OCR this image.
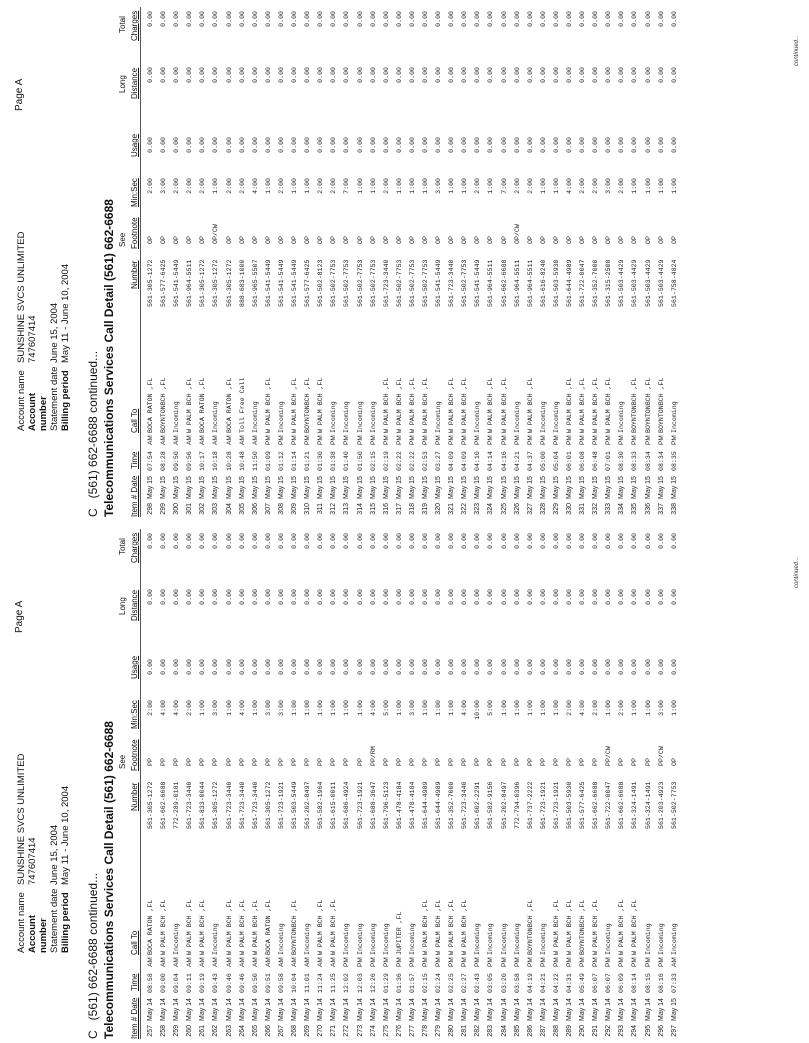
Account name
SUNSHINE SVCS UNLIMITED
Account number
747607414
Statement date
June 15, 2004
Billing period
May 11 - June 10, 2004
Page A
C(561) 662-6688 continued... Telecommunications Services Call Detail (561) 662-6688 See
Long
Total
Item # Date
Time
Call To
Number
Footnote
Min:Sec
Usage
Distance
Charges
257
May 14
08:58
AM
BOCA RATON ,FL
561-305-1272
PP
2:00
0.00
0.00
0.00
258
May 14
09:00
AM
W PALM BCH ,FL
561-662-6688
PP
4:00
0.00
0.00
0.00
259
May 14
09:04
AM
Incoming
772-289-0181
PP
4:00
0.00
0.00
0.00
260
May 14
09:11
AM
W PALM BCH ,FL
561-723-3440
PP
2:00
0.00
0.00
0.00
261
May 14
09:19
AM
W PALM BCH ,FL
561-833-0044
PP
1:00
0.00
0.00
0.00
262
May 14
09:43
AM
Incoming
561-305-1272
PP
3:00
0.00
0.00
0.00
263
May 14
09:46
AM
W PALM BCH ,FL
561-723-3440
PP
1:00
0.00
0.00
0.00
264
May 14
09:46
AM
W PALM BCH ,FL
561-723-3440
PP
4:00
0.00
0.00
0.00
265
May 14
09:50
AM
W PALM BCH ,FL
561-723-3440
PP
1:00
0.00
0.00
0.00
266
May 14
09:51
AM
BOCA RATON ,FL
561-305-1272
PP
3:00
0.00
0.00
0.00
267
May 14
09:58
AM
Incoming
561-723-1921
PP
3:00
0.00
0.00
0.00
268
May 14
10:04
AM
BOYNTONBCH ,FL
561-503-5449
PP
1:00
0.00
0.00
0.00
269
May 14
11:01
AM
Incoming
561-202-8497
PP
1:00
0.00
0.00
0.00
270
May 14
11:24
AM
W PALM BCH ,FL
561-582-1964
PP
1:00
0.00
0.00
0.00
271
May 14
11:25
AM
W PALM BCH ,FL
561-615-0011
PP
1:00
0.00
0.00
0.00
272
May 14
12:02
PM
Incoming
561-686-4924
PP
1:00
0.00
0.00
0.00
273
May 14
12:03
PM
Incoming
561-723-1921
PP
1:00
0.00
0.00
0.00
274
May 14
12:26
PM
Incoming
561-688-3647
PP/RM
4:00
0.00
0.00
0.00
275
May 14
01:29
PM
Incoming
561-796-5123
PP
5:00
0.00
0.00
0.00
276
May 14
01:36
PM
JUPITER ,FL
561-478-4184
PP
1:00
0.00
0.00
0.00
277
May 14
01:57
PM
Incoming
561-478-4184
PP
3:00
0.00
0.00
0.00
278
May 14
02:15
PM
W PALM BCH ,FL
561-644-4989
PP
1:00
0.00
0.00
0.00
279
May 14
02:24
PM
W PALM BCH ,FL
561-644-4989
PP
1:00
0.00
0.00
0.00
280
May 14
02:25
PM
W PALM BCH ,FL
561-352-7000
PP
1:00
0.00
0.00
0.00
281
May 14
02:27
PM
W PALM BCH ,FL
561-723-3440
PP
4:00
0.00
0.00
0.00
282
May 14
02:43
PM
Incoming
561-602-2291
PP
10:00
0.00
0.00
0.00
283
May 14
03:05
PM
Incoming
561-582-9156
PP
5:00
0.00
0.00
0.00
284
May 14
03:20
PM
Incoming
561-202-8497
PP
1:00
0.00
0.00
0.00
285
May 14
03:58
PM
Incoming
772-794-0396
PP
1:00
0.00
0.00
0.00
286
May 14
04:19
PM
BOYNTONBCH ,FL
561-737-2222
PP
1:00
0.00
0.00
0.00
287
May 14
04:21
PM
Incoming
561-723-1921
PP
1:00
0.00
0.00
0.00
288
May 14
04:22
PM
W PALM BCH ,FL
561-723-1921
PP
1:00
0.00
0.00
0.00
289
May 14
04:31
PM
W PALM BCH ,FL
561-503-5930
PP
2:00
0.00
0.00
0.00
290
May 14
05:49
PM
BOYNTONBCH ,FL
561-577-6425
PP
4:00
0.00
0.00
0.00
291
May 14
06:07
PM
W PALM BCH ,FL
561-662-6688
PP
2:00
0.00
0.00
0.00
292
May 14
06:07
PM
Incoming
561-722-0047
PP/CW
1:00
0.00
0.00
0.00
293
May 14
06:09
PM
W PALM BCH ,FL
561-662-6688
PP
2:00
0.00
0.00
0.00
294
May 14
08:14
PM
W PALM BCH ,FL
561-324-1491
PP
1:00
0.00
0.00
0.00
295
May 14
08:15
PM
Incoming
561-324-1491
PP
1:00
0.00
0.00
0.00
296
May 14
08:16
PM
Incoming
561-203-4923
PP/CW
3:00
0.00
0.00
0.00
297
May 15
07:33
AM
Incoming
561-502-7753
OP
1:00
0.00
0.00
0.00
continued...
Account name
SUNSHINE SVCS UNLIMITED
Account number
747607414
Statement date
June 15, 2004
Billing period
May 11 - June 10, 2004
Page A
C(561) 662-6688 continued... Telecommunications Services Call Detail (561) 662-6688 See
Long
Total
Item # Date
Time
Call To
Number
Footnote
Min:Sec
Usage
Distance
Charges
298
May 15
07:54
AM
BOCA RATON ,FL
561-305-1272
OP
2:00
0.00
0.00
0.00
299
May 15
08:28
AM
BOYNTONBCH ,FL
561-577-6425
OP
3:00
0.00
0.00
0.00
300
May 15
09:50
AM
Incoming
561-541-5449
OP
2:00
0.00
0.00
0.00
301
May 15
09:56
AM
W PALM BCH ,FL
561-964-5511
OP
2:00
0.00
0.00
0.00
302
May 15
10:17
AM
BOCA RATON ,FL
561-305-1272
OP
2:00
0.00
0.00
0.00
303
May 15
10:18
AM
Incoming
561-305-1272
OP/CW
1:00
0.00
0.00
0.00
304
May 15
10:28
AM
BOCA RATON ,FL
561-305-1272
OP
2:00
0.00
0.00
0.00
305
May 15
10:48
AM
Toll Free Call
888-683-1000
OP
2:00
0.00
0.00
0.00
306
May 15
11:50
AM
Incoming
561-965-5507
OP
4:00
0.00
0.00
0.00
307
May 15
01:09
PM
W PALM BCH ,FL
561-541-5449
OP
1:00
0.00
0.00
0.00
308
May 15
01:12
PM
Incoming
561-541-5449
OP
2:00
0.00
0.00
0.00
309
May 15
01:14
PM
W PALM BCH ,FL
561-541-5449
OP
1:00
0.00
0.00
0.00
310
May 15
01:21
PM
BOYNTONBCH ,FL
561-577-6425
OP
1:00
0.00
0.00
0.00
311
May 15
01:30
PM
W PALM BCH ,FL
561-502-8123
OP
2:00
0.00
0.00
0.00
312
May 15
01:38
PM
Incoming
561-502-7753
OP
2:00
0.00
0.00
0.00
313
May 15
01:40
PM
Incoming
561-502-7753
OP
7:00
0.00
0.00
0.00
314
May 15
01:50
PM
Incoming
561-502-7753
OP
1:00
0.00
0.00
0.00
315
May 15
02:15
PM
Incoming
561-502-7753
OP
1:00
0.00
0.00
0.00
316
May 15
02:19
PM
W PALM BCH ,FL
561-723-3440
OP
2:00
0.00
0.00
0.00
317
May 15
02:22
PM
W PALM BCH ,FL
561-502-7753
OP
1:00
0.00
0.00
0.00
318
May 15
02:22
PM
W PALM BCH ,FL
561-502-7753
OP
1:00
0.00
0.00
0.00
319
May 15
02:53
PM
W PALM BCH ,FL
561-502-7753
OP
1:00
0.00
0.00
0.00
320
May 15
03:27
PM
Incoming
561-541-5449
OP
3:00
0.00
0.00
0.00
321
May 15
04:09
PM
W PALM BCH ,FL
561-723-3440
OP
1:00
0.00
0.00
0.00
322
May 15
04:09
PM
W PALM BCH ,FL
561-502-7753
OP
1:00
0.00
0.00
0.00
323
May 15
04:10
PM
Incoming
561-541-5449
OP
2:00
0.00
0.00
0.00
324
May 15
04:14
PM
W PALM BCH ,FL
561-964-5511
OP
1:00
0.00
0.00
0.00
325
May 15
04:16
PM
W PALM BCH ,FL
561-662-6688
OP
7:00
0.00
0.00
0.00
326
May 15
04:21
PM
Incoming
561-964-5511
OP/CW
2:00
0.00
0.00
0.00
327
May 15
04:37
PM
W PALM BCH ,FL
561-964-5511
OP
2:00
0.00
0.00
0.00
328
May 15
05:00
PM
Incoming
561-616-8240
OP
1:00
0.00
0.00
0.00
329
May 15
05:04
PM
Incoming
561-503-5930
OP
1:00
0.00
0.00
0.00
330
May 15
06:01
PM
W PALM BCH ,FL
561-644-4989
OP
4:00
0.00
0.00
0.00
331
May 15
06:08
PM
W PALM BCH ,FL
561-722-0047
OP
2:00
0.00
0.00
0.00
332
May 15
06:48
PM
W PALM BCH ,FL
561-352-7000
OP
2:00
0.00
0.00
0.00
333
May 15
07:01
PM
W PALM BCH ,FL
561-315-2500
OP
3:00
0.00
0.00
0.00
334
May 15
08:30
PM
Incoming
561-503-4429
OP
2:00
0.00
0.00
0.00
335
May 15
08:33
PM
BOYNTONBCH ,FL
561-503-4429
OP
1:00
0.00
0.00
0.00
336
May 15
08:34
PM
BOYNTONBCH ,FL
561-503-4429
OP
1:00
0.00
0.00
0.00
337
May 15
08:34
PM
BOYNTONBCH ,FL
561-503-4429
OP
1:00
0.00
0.00
0.00
338
May 15
08:35
PM
Incoming
561-758-4824
OP
1:00
0.00
0.00
0.00
continued...
